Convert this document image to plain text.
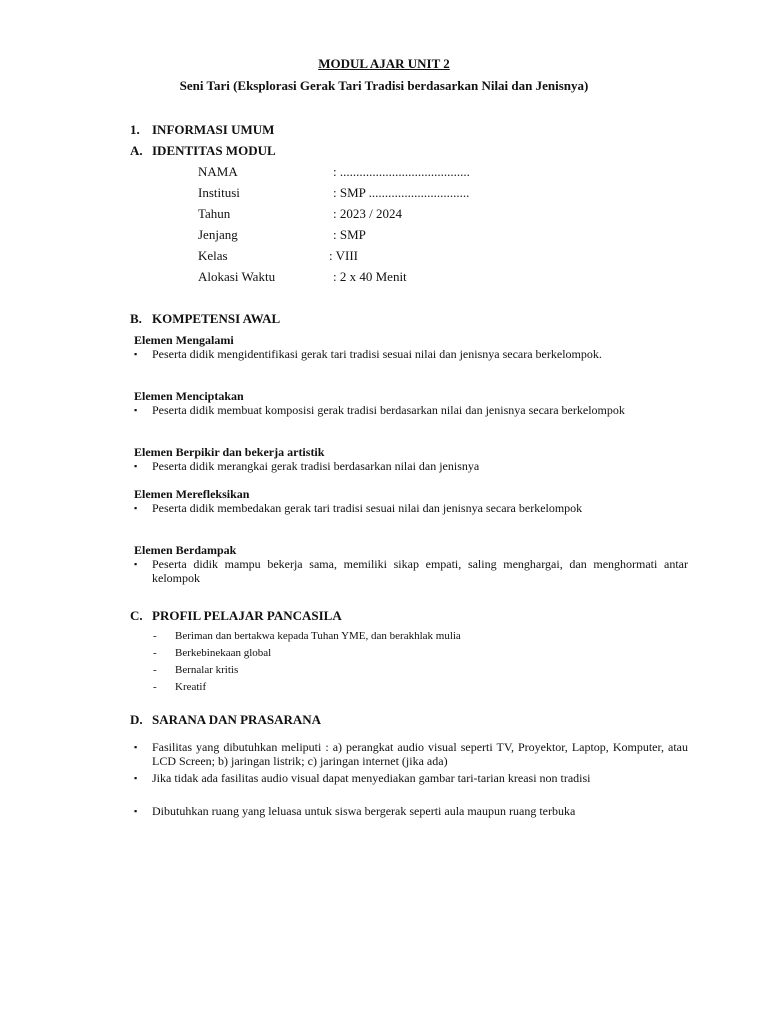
MODUL AJAR UNIT 2
Seni Tari (Eksplorasi Gerak Tari Tradisi berdasarkan Nilai dan Jenisnya)
1. INFORMASI UMUM
A. IDENTITAS MODUL
NAMA	: ........................................
Institusi	: SMP ...............................
Tahun	: 2023 / 2024
Jenjang	: SMP
Kelas	: VIII
Alokasi Waktu	: 2 x 40 Menit
B. KOMPETENSI AWAL
Elemen Mengalami
▪	Peserta didik mengidentifikasi gerak tari tradisi sesuai nilai dan jenisnya secara berkelompok.
Elemen Menciptakan
▪	Peserta didik membuat komposisi gerak tradisi berdasarkan nilai dan jenisnya secara berkelompok
Elemen Berpikir dan bekerja artistik
▪	Peserta didik merangkai gerak tradisi berdasarkan nilai dan jenisnya
Elemen Merefleksikan
▪	Peserta didik membedakan gerak tari tradisi sesuai nilai dan jenisnya secara berkelompok
Elemen Berdampak
▪	Peserta didik mampu bekerja sama, memiliki sikap empati, saling menghargai, dan menghormati antar kelompok
C. PROFIL PELAJAR PANCASILA
- Beriman dan bertakwa kepada Tuhan YME, dan berakhlak mulia
- Berkebinekaan global
- Bernalar kritis
- Kreatif
D. SARANA DAN PRASARANA
▪	Fasilitas yang dibutuhkan meliputi : a) perangkat audio visual seperti TV, Proyektor, Laptop, Komputer, atau LCD Screen; b) jaringan listrik; c) jaringan internet (jika ada)
▪	Jika tidak ada fasilitas audio visual dapat menyediakan gambar tari-tarian kreasi non tradisi
▪	Dibutuhkan ruang yang leluasa untuk siswa bergerak seperti aula maupun ruang terbuka
